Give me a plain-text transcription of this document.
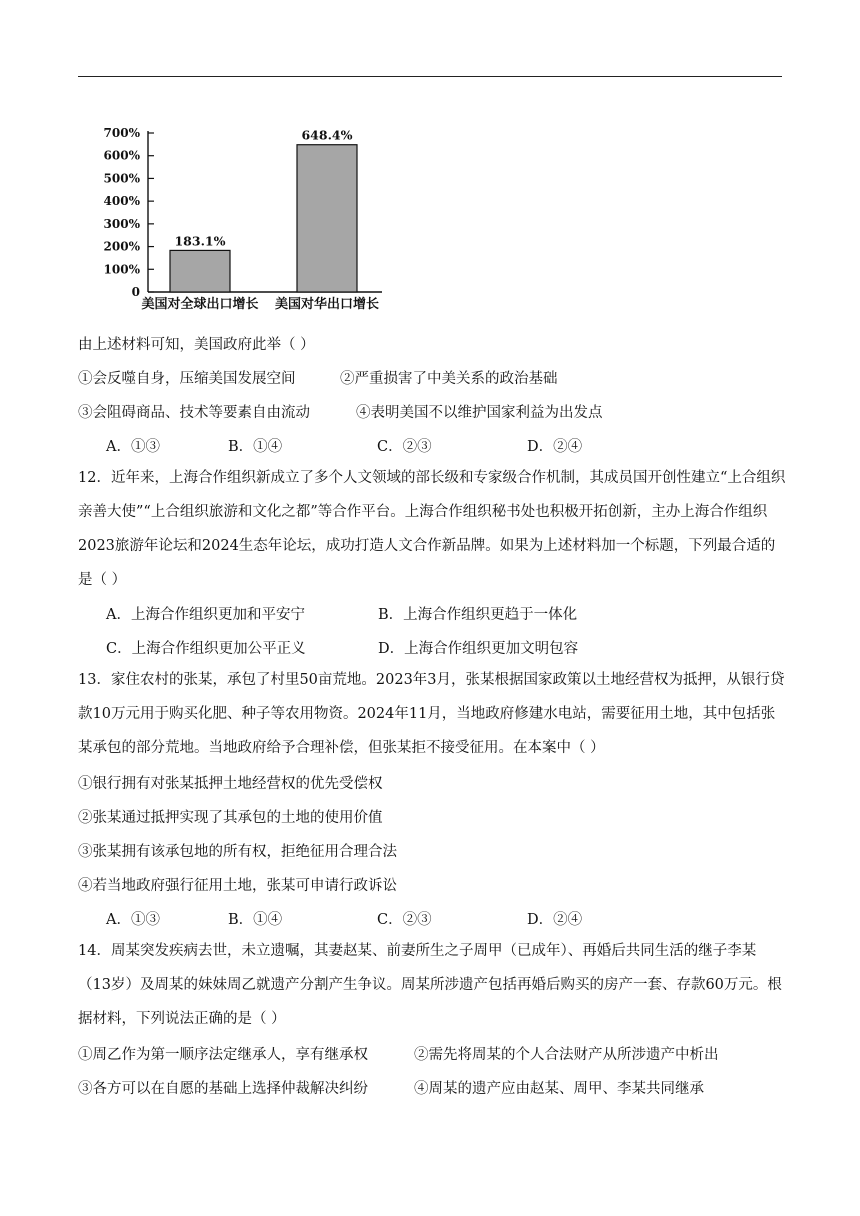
0
100%
200%
300%
400%
500%
600%
700%
183.1%
美国对全球出口增长
648.4%
美国对华出口增长
由上述材料可知，美国政府此举（ ）
①会反噬自身，压缩美国发展空间	②严重损害了中美关系的政治基础
③会阻碍商品、技术等要素自由流动	④表明美国不以维护国家利益为出发点
A．①③	B．①④	C．②③	D．②④
12．近年来，上海合作组织新成立了多个人文领域的部长级和专家级合作机制，其成员国开创性建立“上合组织亲善大使”“上合组织旅游和文化之都”等合作平台。上海合作组织秘书处也积极开拓创新，主办上海合作组织2023旅游年论坛和2024生态年论坛，成功打造人文合作新品牌。如果为上述材料加一个标题，下列最合适的是（ ）
A．上海合作组织更加和平安宁	B．上海合作组织更趋于一体化
C．上海合作组织更加公平正义	D．上海合作组织更加文明包容
13．家住农村的张某，承包了村里50亩荒地。2023年3月，张某根据国家政策以土地经营权为抵押，从银行贷款10万元用于购买化肥、种子等农用物资。2024年11月，当地政府修建水电站，需要征用土地，其中包括张某承包的部分荒地。当地政府给予合理补偿，但张某拒不接受征用。在本案中（ ）
①银行拥有对张某抵押土地经营权的优先受偿权
②张某通过抵押实现了其承包的土地的使用价值
③张某拥有该承包地的所有权，拒绝征用合理合法
④若当地政府强行征用土地，张某可申请行政诉讼
A．①③	B．①④	C．②③	D．②④
14．周某突发疾病去世，未立遗嘱，其妻赵某、前妻所生之子周甲（已成年）、再婚后共同生活的继子李某（13岁）及周某的妹妹周乙就遗产分割产生争议。周某所涉遗产包括再婚后购买的房产一套、存款60万元。根据材料，下列说法正确的是（ ）
①周乙作为第一顺序法定继承人，享有继承权	②需先将周某的个人合法财产从所涉遗产中析出
③各方可以在自愿的基础上选择仲裁解决纠纷	④周某的遗产应由赵某、周甲、李某共同继承
